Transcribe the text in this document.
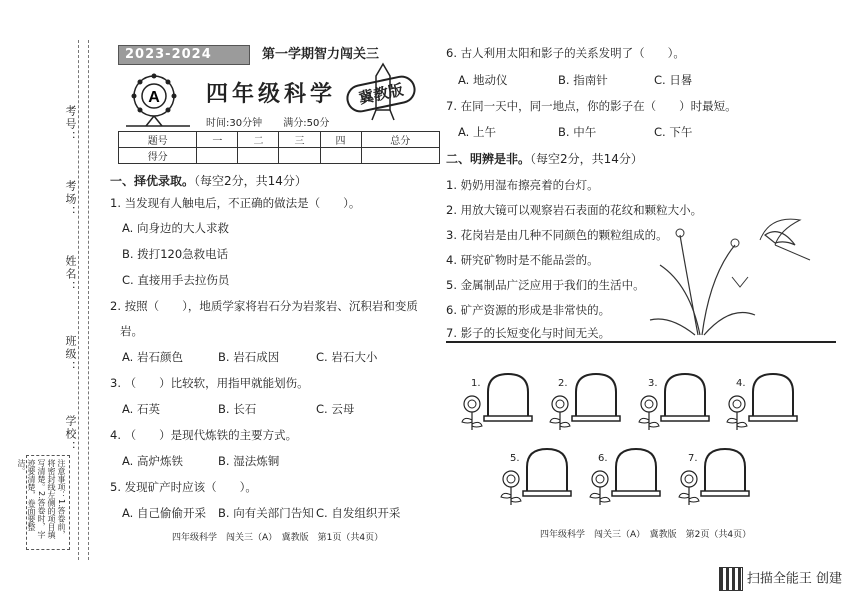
考号：
考场：
姓名：
班级：
学校：
注意事项：1.答卷前，将密封线左侧的项目填写清楚。2.答卷时，字迹要清楚，卷面要整洁。
2023-2024	第一学期智力闯关三
A 四年级科学
时间:30分钟 满分:50分
冀教版
题号	一	二	三	四	总分
得分					
一、择优录取。（每空2分，共14分）
1. 当发现有人触电后，不正确的做法是（　　）。
A. 向身边的大人求救
B. 拨打120急救电话
C. 直接用手去拉伤员
2. 按照（　　），地质学家将岩石分为岩浆岩、沉积岩和变质
岩。
A. 岩石颜色	B. 岩石成因	C. 岩石大小
3. （　　）比较软，用指甲就能划伤。
A. 石英	B. 长石	C. 云母
4. （　　）是现代炼铁的主要方式。
A. 高炉炼铁	B. 湿法炼铜
5. 发现矿产时应该（　　）。
A. 自己偷偷开采 B. 向有关部门告知 C. 自发组织开采
四年级科学　闯关三（A）　冀教版　第1页（共4页）
6. 古人利用太阳和影子的关系发明了（　　）。
A. 地动仪	B. 指南针	C. 日晷
7. 在同一天中，同一地点，你的影子在（　　）时最短。
A. 上午	B. 中午	C. 下午
二、明辨是非。（每空2分，共14分）
1. 奶奶用湿布擦亮着的台灯。
2. 用放大镜可以观察岩石表面的花纹和颗粒大小。
3. 花岗岩是由几种不同颜色的颗粒组成的。
4. 研究矿物时是不能品尝的。
5. 金属制品广泛应用于我们的生活中。
6. 矿产资源的形成是非常快的。
7. 影子的长短变化与时间无关。
1.	2.	3.	4.
5.	6.	7.
四年级科学　闯关三（A）　冀教版　第2页（共4页）
扫描全能王 创建
